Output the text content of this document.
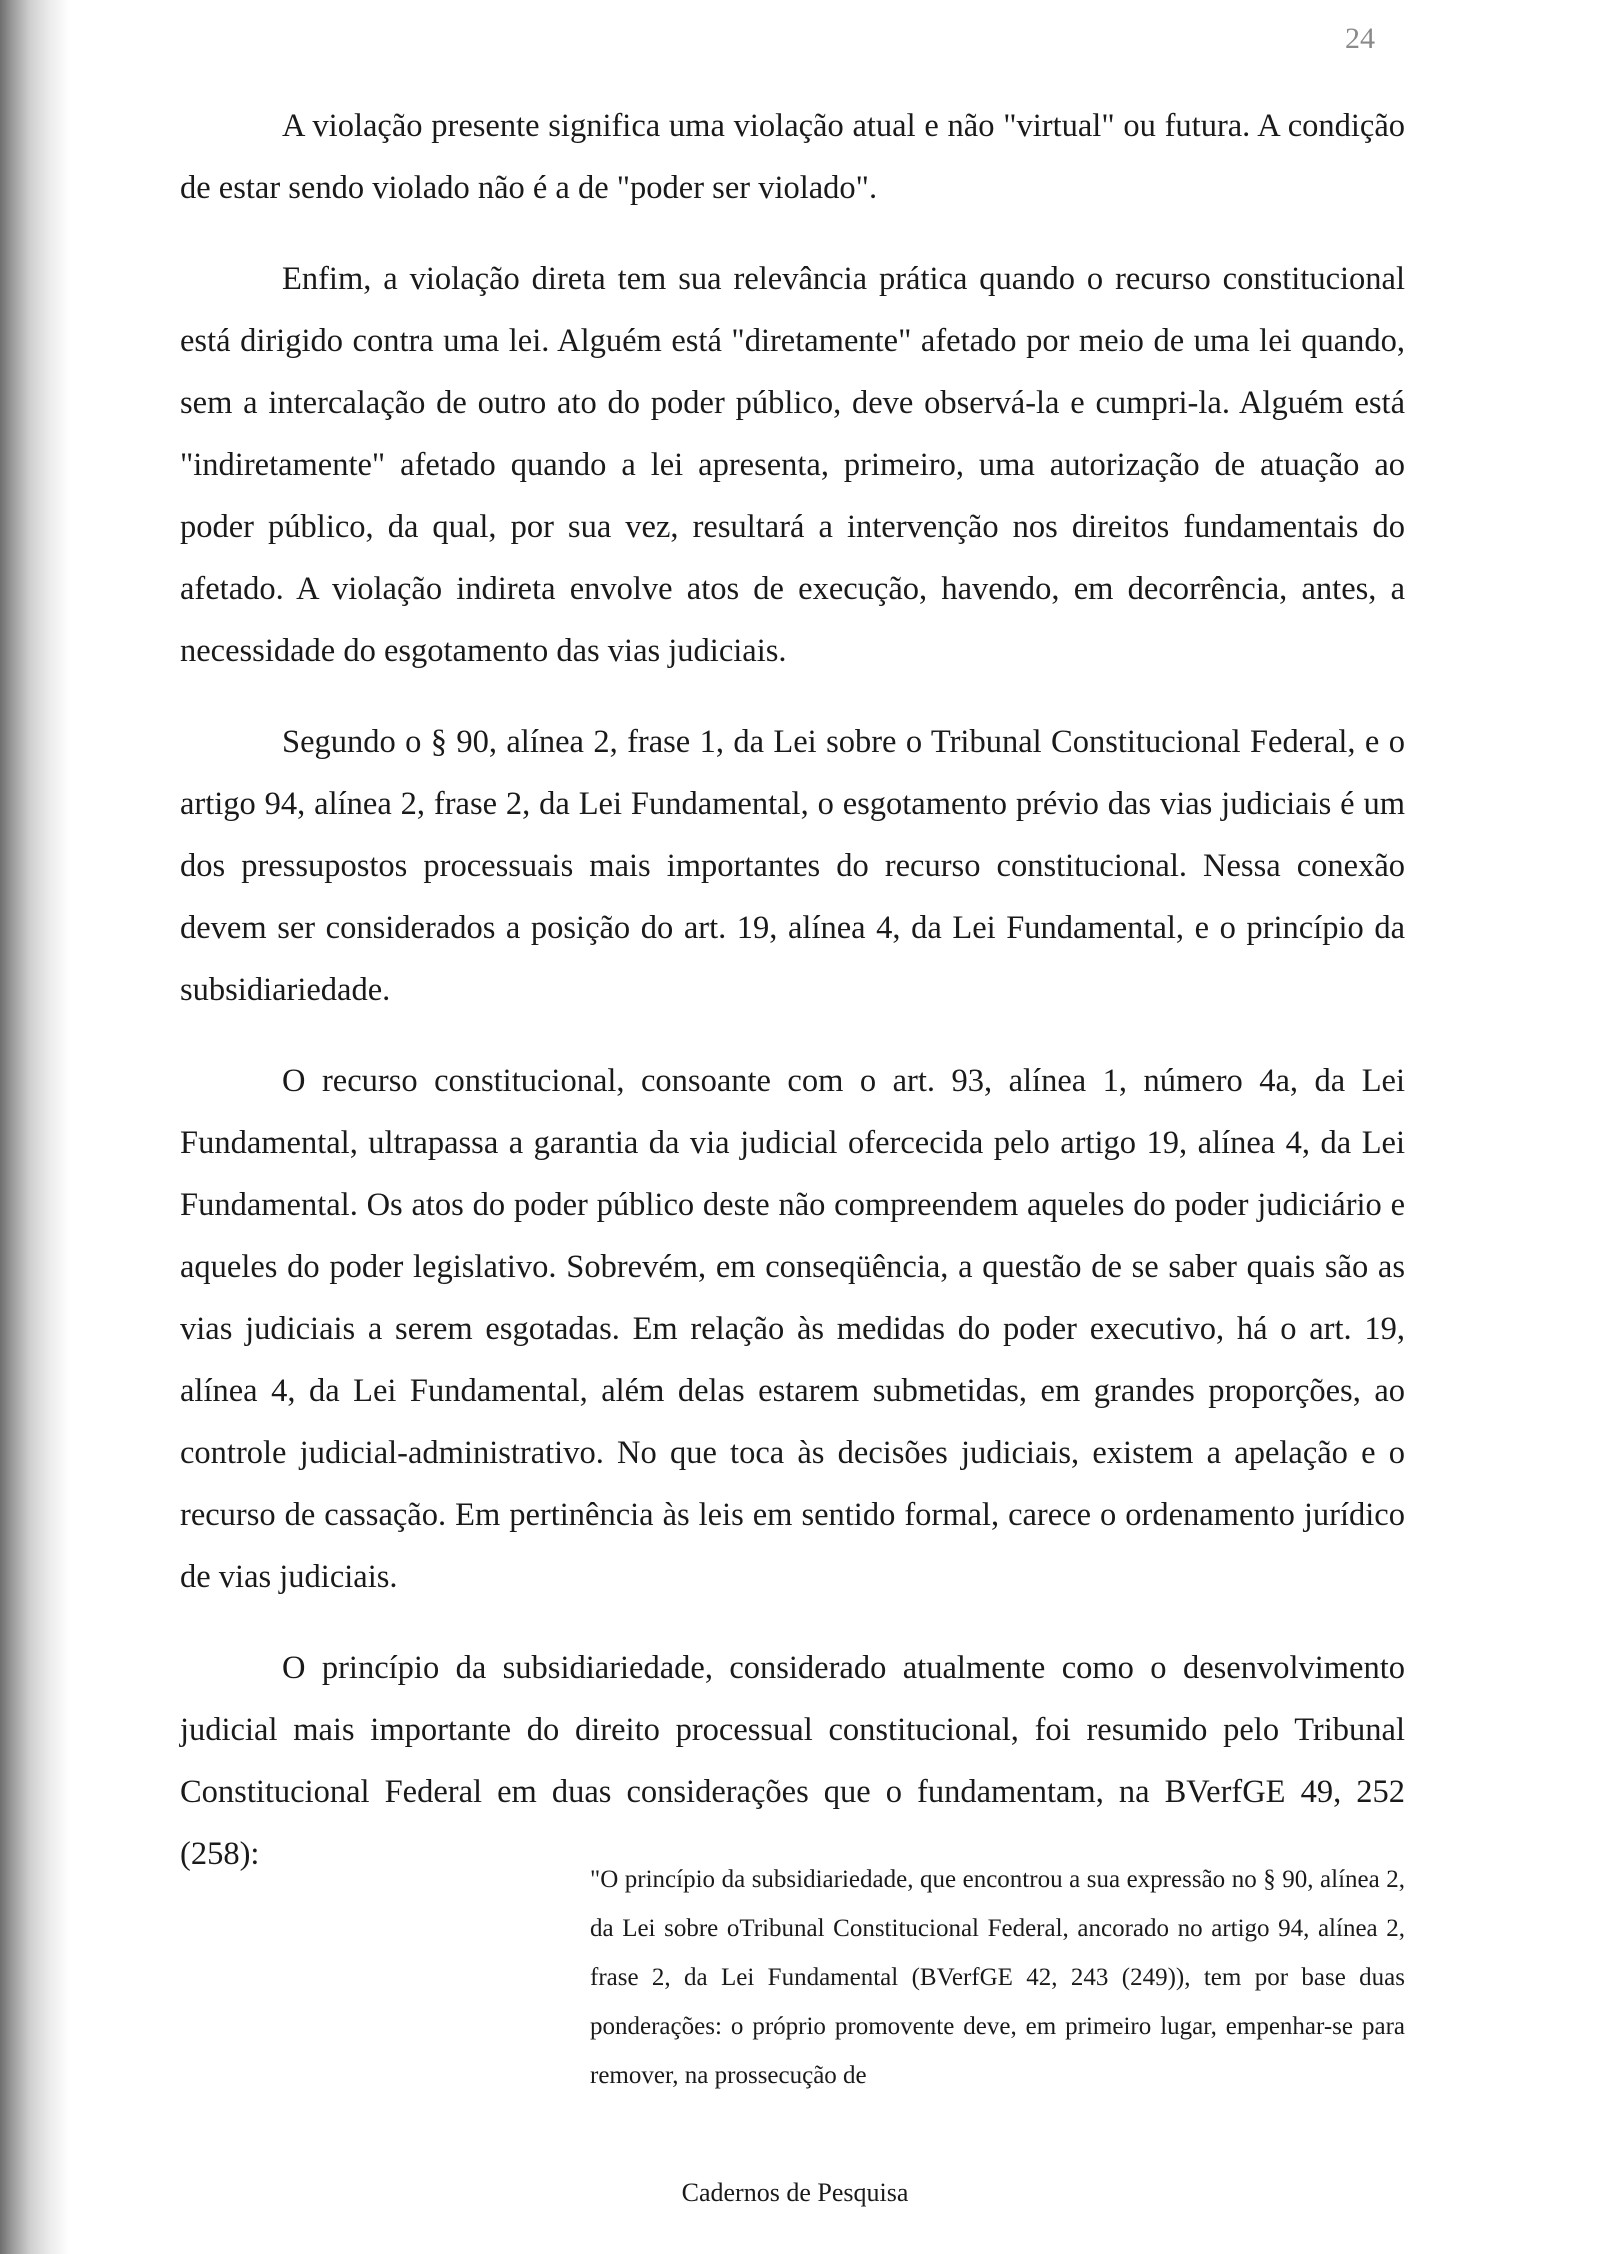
24

A violação presente significa uma violação atual e não "virtual" ou futura. A condição de estar sendo violado não é a de "poder ser violado".

Enfim, a violação direta tem sua relevância prática quando o recurso constitucional está dirigido contra uma lei. Alguém está "diretamente" afetado por meio de uma lei quando, sem a intercalação de outro ato do poder público, deve observá-la e cumpri-la. Alguém está "indiretamente" afetado quando a lei apresenta, primeiro, uma autorização de atuação ao poder público, da qual, por sua vez, resultará a intervenção nos direitos fundamentais do afetado. A violação indireta envolve atos de execução, havendo, em decorrência, antes, a necessidade do esgotamento das vias judiciais.

Segundo o § 90, alínea 2, frase 1, da Lei sobre o Tribunal Constitucional Federal, e o artigo 94, alínea 2, frase 2, da Lei Fundamental, o esgotamento prévio das vias judiciais é um dos pressupostos processuais mais importantes do recurso constitucional. Nessa conexão devem ser considerados a posição do art. 19, alínea 4, da Lei Fundamental, e o princípio da subsidiariedade.

O recurso constitucional, consoante com o art. 93, alínea 1, número 4a, da Lei Fundamental, ultrapassa a garantia da via judicial ofercecida pelo artigo 19, alínea 4, da Lei Fundamental. Os atos do poder público deste não compreendem aqueles do poder judiciário e aqueles do poder legislativo. Sobrevém, em conseqüência, a questão de se saber quais são as vias judiciais a serem esgotadas. Em relação às medidas do poder executivo, há o art. 19, alínea 4, da Lei Fundamental, além delas estarem submetidas, em grandes proporções, ao controle judicial-administrativo. No que toca às decisões judiciais, existem a apelação e o recurso de cassação. Em pertinência às leis em sentido formal, carece o ordenamento jurídico de vias judiciais.

O princípio da subsidiariedade, considerado atualmente como o desenvolvimento judicial mais importante do direito processual constitucional, foi resumido pelo Tribunal Constitucional Federal em duas considerações que o fundamentam, na BVerfGE 49, 252 (258):

"O princípio da subsidiariedade, que encontrou a sua expressão no § 90, alínea 2, da Lei sobre oTribunal Constitucional Federal, ancorado no artigo 94, alínea 2, frase 2, da Lei Fundamental (BVerfGE 42, 243 (249)), tem por base duas ponderações: o próprio promovente deve, em primeiro lugar, empenhar-se para remover, na prossecução de

Cadernos de Pesquisa
